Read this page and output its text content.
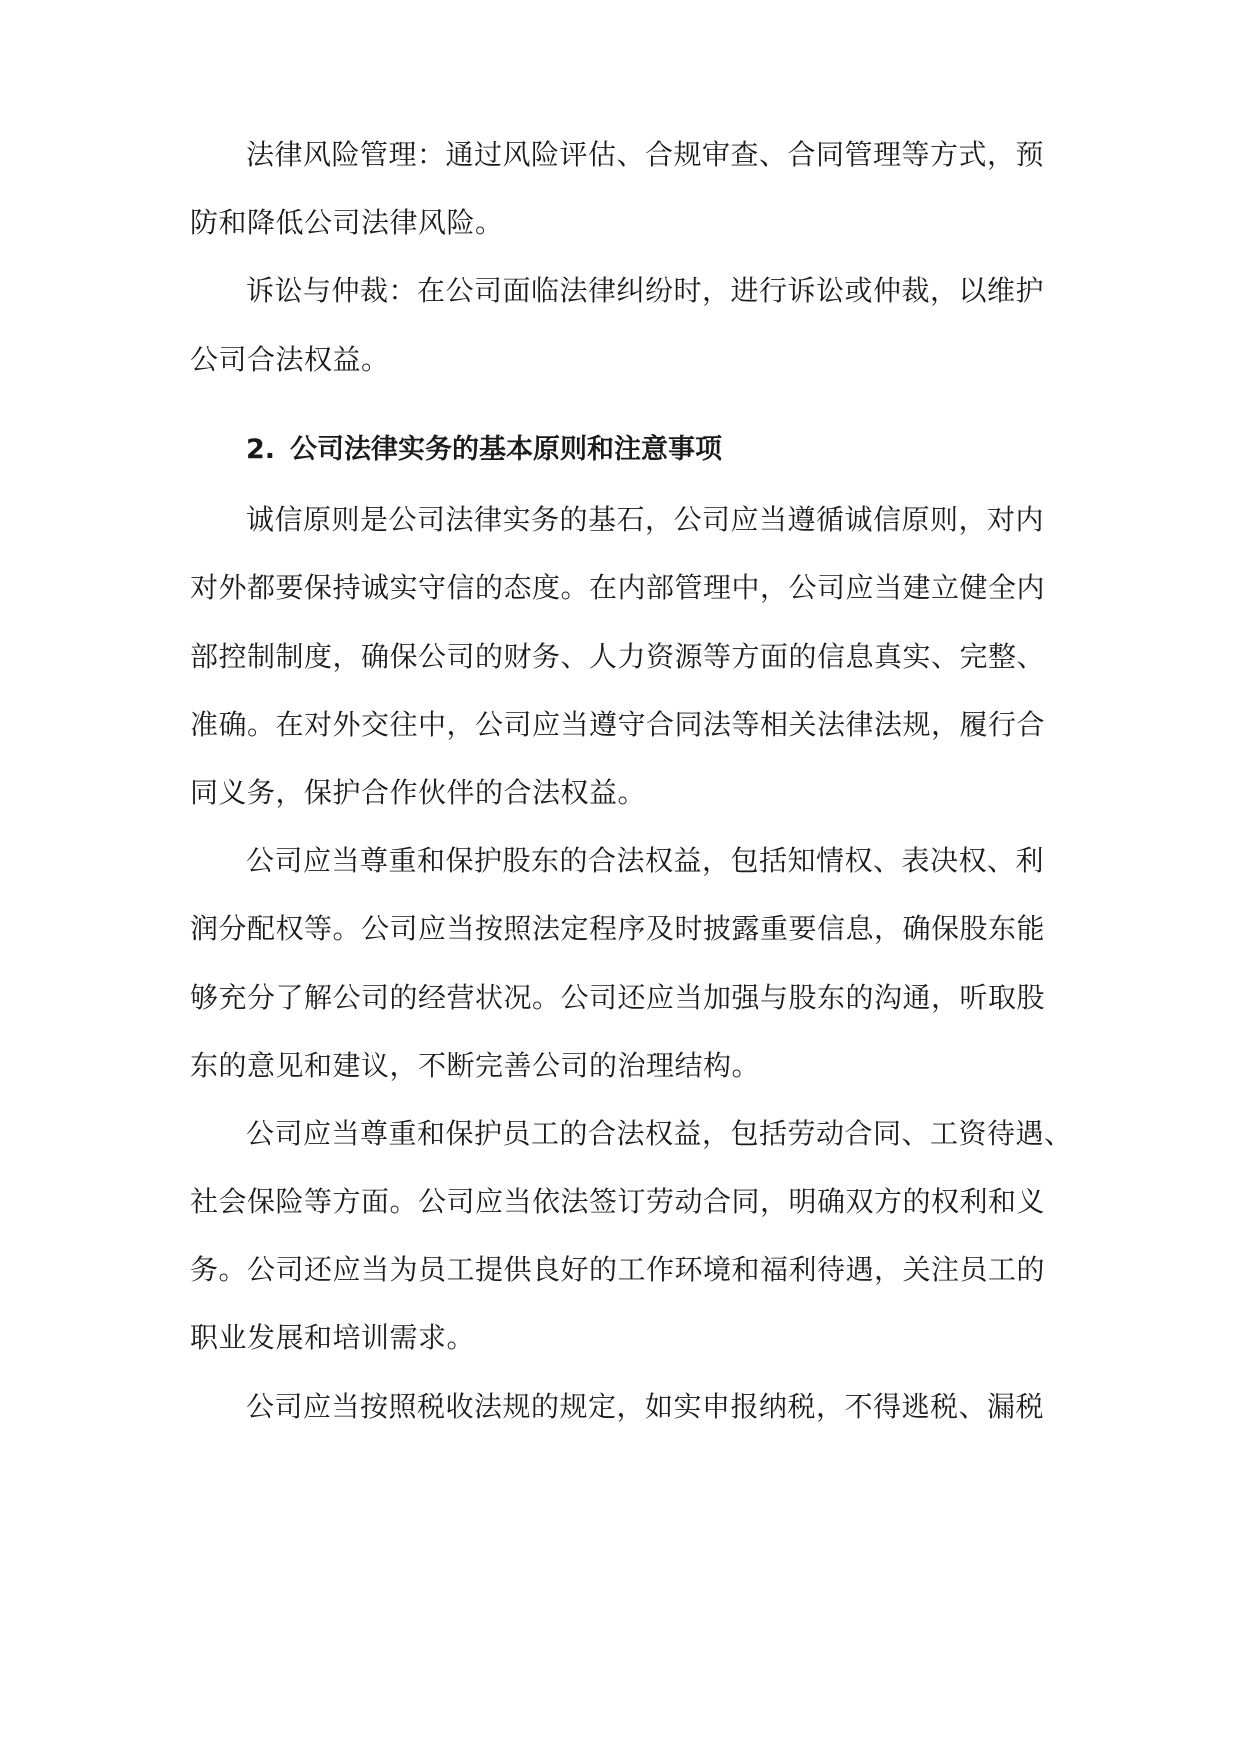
法律风险管理：通过风险评估、合规审查、合同管理等方式，预
防和降低公司法律风险。
诉讼与仲裁：在公司面临法律纠纷时，进行诉讼或仲裁，以维护
公司合法权益。
2. 公司法律实务的基本原则和注意事项
诚信原则是公司法律实务的基石，公司应当遵循诚信原则，对内
对外都要保持诚实守信的态度。在内部管理中，公司应当建立健全内
部控制制度，确保公司的财务、人力资源等方面的信息真实、完整、
准确。在对外交往中，公司应当遵守合同法等相关法律法规，履行合
同义务，保护合作伙伴的合法权益。
公司应当尊重和保护股东的合法权益，包括知情权、表决权、利
润分配权等。公司应当按照法定程序及时披露重要信息，确保股东能
够充分了解公司的经营状况。公司还应当加强与股东的沟通，听取股
东的意见和建议，不断完善公司的治理结构。
公司应当尊重和保护员工的合法权益，包括劳动合同、工资待遇、
社会保险等方面。公司应当依法签订劳动合同，明确双方的权利和义
务。公司还应当为员工提供良好的工作环境和福利待遇，关注员工的
职业发展和培训需求。
公司应当按照税收法规的规定，如实申报纳税，不得逃税、漏税
